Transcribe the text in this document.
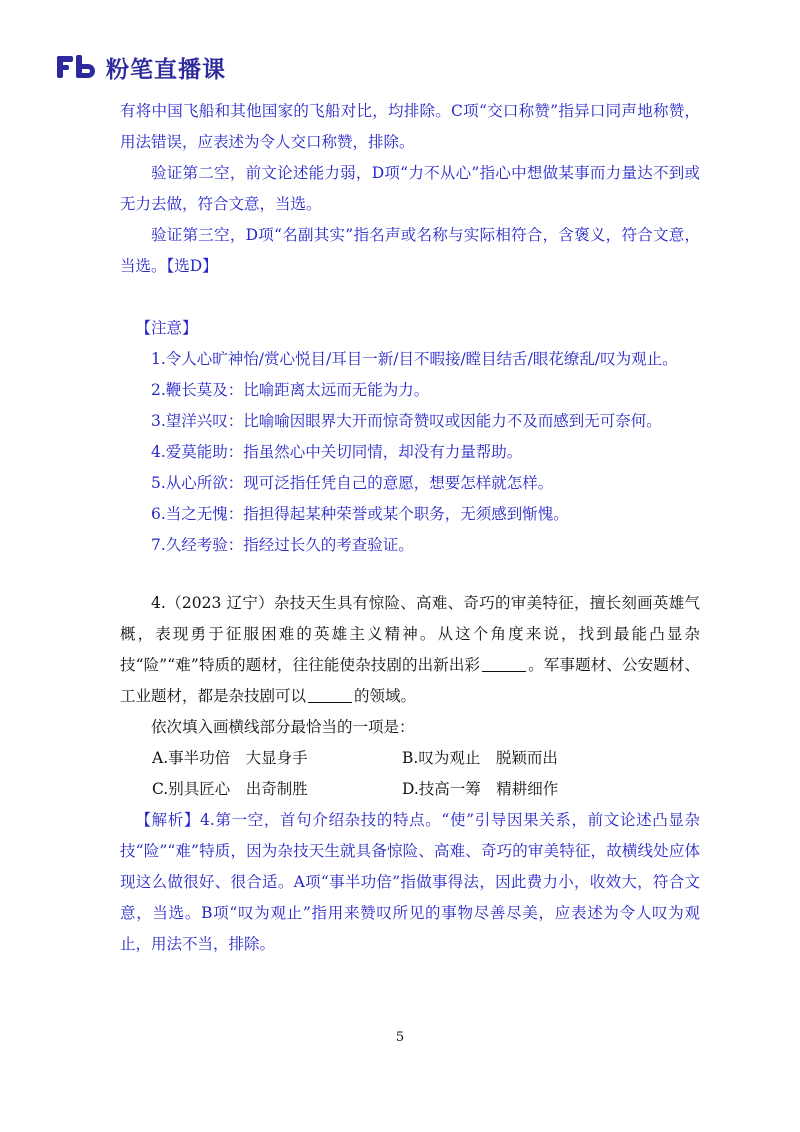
粉笔直播课

有将中国飞船和其他国家的飞船对比，均排除。C项“交口称赞”指异口同声地称赞，用法错误，应表述为令人交口称赞，排除。

验证第二空，前文论述能力弱，D项“力不从心”指心中想做某事而力量达不到或无力去做，符合文意，当选。

验证第三空，D项“名副其实”指名声或名称与实际相符合，含褒义，符合文意，当选。【选D】

【注意】

1.令人心旷神怡/赏心悦目/耳目一新/目不暇接/瞠目结舌/眼花缭乱/叹为观止。

2.鞭长莫及：比喻距离太远而无能为力。

3.望洋兴叹：比喻喻因眼界大开而惊奇赞叹或因能力不及而感到无可奈何。

4.爱莫能助：指虽然心中关切同情，却没有力量帮助。

5.从心所欲：现可泛指任凭自己的意愿，想要怎样就怎样。

6.当之无愧：指担得起某种荣誉或某个职务，无须感到惭愧。

7.久经考验：指经过长久的考查验证。

4.（2023 辽宁）杂技天生具有惊险、高难、奇巧的审美特征，擅长刻画英雄气概，表现勇于征服困难的英雄主义精神。从这个角度来说，找到最能凸显杂技“险”“难”特质的题材，往往能使杂技剧的出新出彩	。军事题材、公安题材、工业题材，都是杂技剧可以	的领域。

依次填入画横线部分最恰当的一项是：

A.事半功倍　大显身手	B.叹为观止　脱颖而出
C.别具匠心　出奇制胜	D.技高一筹　精耕细作

【解析】4.第一空，首句介绍杂技的特点。“使”引导因果关系，前文论述凸显杂技“险”“难”特质，因为杂技天生就具备惊险、高难、奇巧的审美特征，故横线处应体现这么做很好、很合适。A项“事半功倍”指做事得法，因此费力小，收效大，符合文意，当选。B项“叹为观止”指用来赞叹所见的事物尽善尽美，应表述为令人叹为观止，用法不当，排除。

5
